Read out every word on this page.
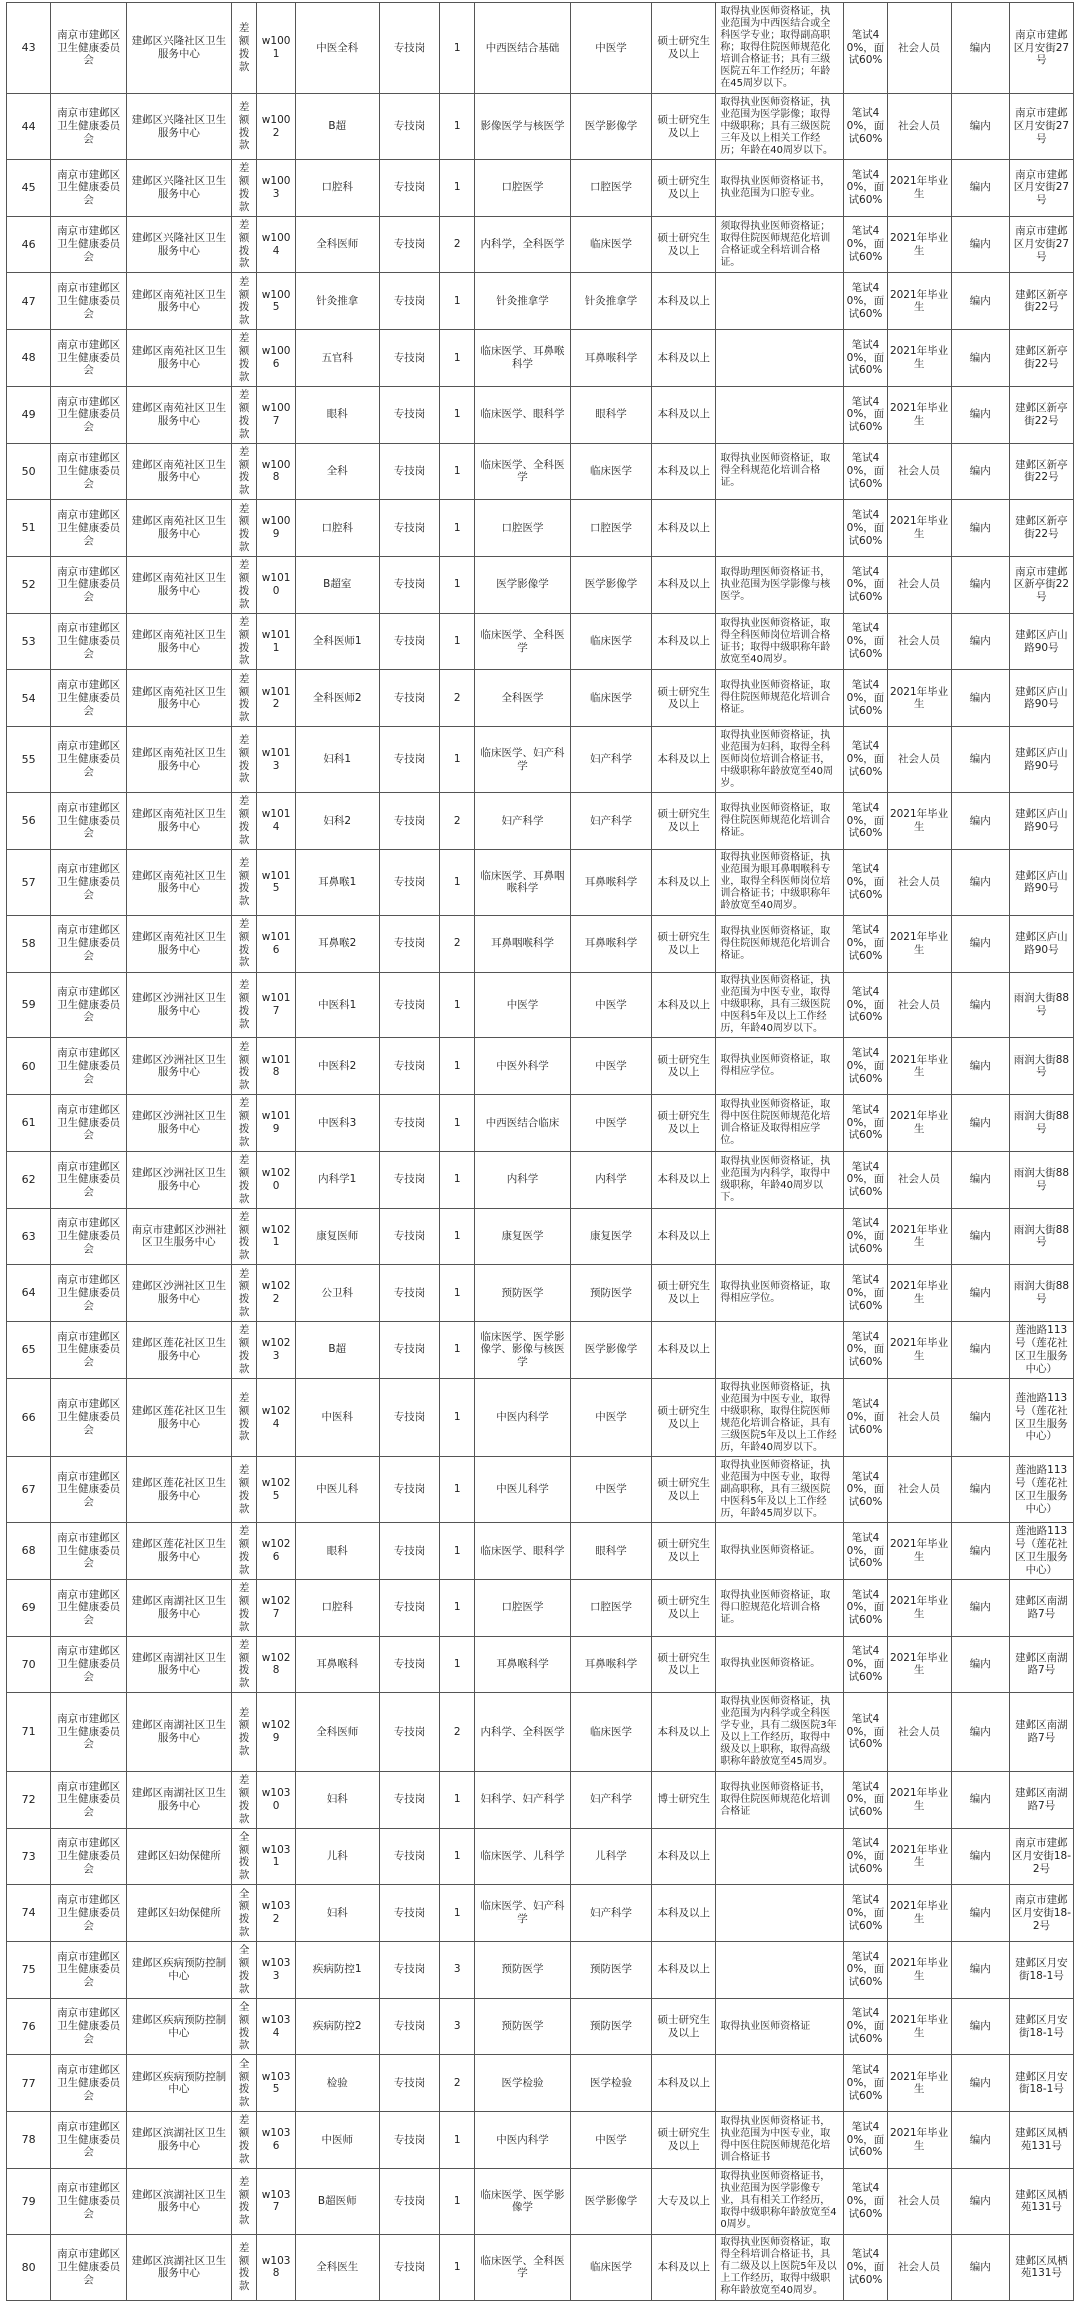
43	南京市建邺区卫生健康委员会	建邺区兴隆社区卫生服务中心	差额拨款	w1001	中医全科	专技岗	1	中西医结合基础	中医学	硕士研究生及以上	取得执业医师资格证，执业范围为中西医结合或全科医学专业；取得副高职称；取得住院医师规范化培训合格证书；具有三级医院五年工作经历；年龄在45周岁以下。	笔试40%，面试60%	社会人员	编内	南京市建邺区月安街27号
44	南京市建邺区卫生健康委员会	建邺区兴隆社区卫生服务中心	差额拨款	w1002	B超	专技岗	1	影像医学与核医学	医学影像学	硕士研究生及以上	取得执业医师资格证，执业范围为医学影像；取得中级职称；具有三级医院三年及以上相关工作经历；年龄在40周岁以下。	笔试40%，面试60%	社会人员	编内	南京市建邺区月安街27号
45	南京市建邺区卫生健康委员会	建邺区兴隆社区卫生服务中心	差额拨款	w1003	口腔科	专技岗	1	口腔医学	口腔医学	硕士研究生及以上	取得执业医师资格证书，执业范围为口腔专业。	笔试40%，面试60%	2021年毕业生	编内	南京市建邺区月安街27号
46	南京市建邺区卫生健康委员会	建邺区兴隆社区卫生服务中心	差额拨款	w1004	全科医师	专技岗	2	内科学，全科医学	临床医学	硕士研究生及以上	须取得执业医师资格证；取得住院医师规范化培训合格证或全科培训合格证。	笔试40%，面试60%	2021年毕业生	编内	南京市建邺区月安街27号
47	南京市建邺区卫生健康委员会	建邺区南苑社区卫生服务中心	差额拨款	w1005	针灸推拿	专技岗	1	针灸推拿学	针灸推拿学	本科及以上		笔试40%，面试60%	2021年毕业生	编内	建邺区新亭街22号
48	南京市建邺区卫生健康委员会	建邺区南苑社区卫生服务中心	差额拨款	w1006	五官科	专技岗	1	临床医学、耳鼻喉科学	耳鼻喉科学	本科及以上		笔试40%，面试60%	2021年毕业生	编内	建邺区新亭街22号
49	南京市建邺区卫生健康委员会	建邺区南苑社区卫生服务中心	差额拨款	w1007	眼科	专技岗	1	临床医学、眼科学	眼科学	本科及以上		笔试40%，面试60%	2021年毕业生	编内	建邺区新亭街22号
50	南京市建邺区卫生健康委员会	建邺区南苑社区卫生服务中心	差额拨款	w1008	全科	专技岗	1	临床医学、全科医学	临床医学	本科及以上	取得执业医师资格证，取得全科规范化培训合格证。	笔试40%，面试60%	社会人员	编内	建邺区新亭街22号
51	南京市建邺区卫生健康委员会	建邺区南苑社区卫生服务中心	差额拨款	w1009	口腔科	专技岗	1	口腔医学	口腔医学	本科及以上		笔试40%，面试60%	2021年毕业生	编内	建邺区新亭街22号
52	南京市建邺区卫生健康委员会	建邺区南苑社区卫生服务中心	差额拨款	w1010	B超室	专技岗	1	医学影像学	医学影像学	本科及以上	取得助理医师资格证书，执业范围为医学影像与核医学。	笔试40%，面试60%	社会人员	编内	南京市建邺区新亭街22号
53	南京市建邺区卫生健康委员会	建邺区南苑社区卫生服务中心	差额拨款	w1011	全科医师1	专技岗	1	临床医学、全科医学	临床医学	本科及以上	取得执业医师资格证，取得全科医师岗位培训合格证书；取得中级职称年龄放宽至40周岁。	笔试40%，面试60%	社会人员	编内	建邺区庐山路90号
54	南京市建邺区卫生健康委员会	建邺区南苑社区卫生服务中心	差额拨款	w1012	全科医师2	专技岗	2	全科医学	临床医学	硕士研究生及以上	取得执业医师资格证，取得住院医师规范化培训合格证。	笔试40%，面试60%	2021年毕业生	编内	建邺区庐山路90号
55	南京市建邺区卫生健康委员会	建邺区南苑社区卫生服务中心	差额拨款	w1013	妇科1	专技岗	1	临床医学、妇产科学	妇产科学	本科及以上	取得执业医师资格证，执业范围为妇科，取得全科医师岗位培训合格证书，中级职称年龄放宽至40周岁。	笔试40%，面试60%	社会人员	编内	建邺区庐山路90号
56	南京市建邺区卫生健康委员会	建邺区南苑社区卫生服务中心	差额拨款	w1014	妇科2	专技岗	2	妇产科学	妇产科学	硕士研究生及以上	取得执业医师资格证，取得住院医师规范化培训合格证。	笔试40%，面试60%	2021年毕业生	编内	建邺区庐山路90号
57	南京市建邺区卫生健康委员会	建邺区南苑社区卫生服务中心	差额拨款	w1015	耳鼻喉1	专技岗	1	临床医学、耳鼻咽喉科学	耳鼻喉科学	本科及以上	取得执业医师资格证，执业范围为眼耳鼻咽喉科专业，取得全科医师岗位培训合格证书；中级职称年龄放宽至40周岁。	笔试40%，面试60%	社会人员	编内	建邺区庐山路90号
58	南京市建邺区卫生健康委员会	建邺区南苑社区卫生服务中心	差额拨款	w1016	耳鼻喉2	专技岗	2	耳鼻咽喉科学	耳鼻喉科学	硕士研究生及以上	取得执业医师资格证，取得住院医师规范化培训合格证。	笔试40%，面试60%	2021年毕业生	编内	建邺区庐山路90号
59	南京市建邺区卫生健康委员会	建邺区沙洲社区卫生服务中心	差额拨款	w1017	中医科1	专技岗	1	中医学	中医学	本科及以上	取得执业医师资格证，执业范围为中医专业，取得中级职称，具有三级医院中医科5年及以上工作经历，年龄40周岁以下。	笔试40%，面试60%	社会人员	编内	雨润大街88号
60	南京市建邺区卫生健康委员会	建邺区沙洲社区卫生服务中心	差额拨款	w1018	中医科2	专技岗	1	中医外科学	中医学	硕士研究生及以上	取得执业医师资格证，取得相应学位。	笔试40%，面试60%	2021年毕业生	编内	雨润大街88号
61	南京市建邺区卫生健康委员会	建邺区沙洲社区卫生服务中心	差额拨款	w1019	中医科3	专技岗	1	中西医结合临床	中医学	硕士研究生及以上	取得执业医师资格证，取得中医住院医师规范化培训合格证及取得相应学位。	笔试40%，面试60%	2021年毕业生	编内	雨润大街88号
62	南京市建邺区卫生健康委员会	建邺区沙洲社区卫生服务中心	差额拨款	w1020	内科学1	专技岗	1	内科学	内科学	本科及以上	取得执业医师资格证，执业范围为内科学，取得中级职称，年龄40周岁以下。	笔试40%，面试60%	社会人员	编内	雨润大街88号
63	南京市建邺区卫生健康委员会	南京市建邺区沙洲社区卫生服务中心	差额拨款	w1021	康复医师	专技岗	1	康复医学	康复医学	本科及以上		笔试40%，面试60%	2021年毕业生	编内	雨润大街88号
64	南京市建邺区卫生健康委员会	建邺区沙洲社区卫生服务中心	差额拨款	w1022	公卫科	专技岗	1	预防医学	预防医学	硕士研究生及以上	取得执业医师资格证，取得相应学位。	笔试40%，面试60%	2021年毕业生	编内	雨润大街88号
65	南京市建邺区卫生健康委员会	建邺区莲花社区卫生服务中心	差额拨款	w1023	B超	专技岗	1	临床医学、医学影像学、影像与核医学	医学影像学	本科及以上		笔试40%，面试60%	2021年毕业生	编内	莲池路113号（莲花社区卫生服务中心）
66	南京市建邺区卫生健康委员会	建邺区莲花社区卫生服务中心	差额拨款	w1024	中医科	专技岗	1	中医内科学	中医学	硕士研究生及以上	取得执业医师资格证，执业范围为中医专业，取得中级职称，取得住院医师规范化培训合格证，具有三级医院5年及以上工作经历，年龄40周岁以下。	笔试40%，面试60%	社会人员	编内	莲池路113号（莲花社区卫生服务中心）
67	南京市建邺区卫生健康委员会	建邺区莲花社区卫生服务中心	差额拨款	w1025	中医儿科	专技岗	1	中医儿科学	中医学	硕士研究生及以上	取得执业医师资格证，执业范围为中医专业，取得副高职称，具有三级医院中医科5年及以上工作经历，年龄45周岁以下。	笔试40%，面试60%	社会人员	编内	莲池路113号（莲花社区卫生服务中心）
68	南京市建邺区卫生健康委员会	建邺区莲花社区卫生服务中心	差额拨款	w1026	眼科	专技岗	1	临床医学、眼科学	眼科学	硕士研究生及以上	取得执业医师资格证。	笔试40%，面试60%	2021年毕业生	编内	莲池路113号（莲花社区卫生服务中心）
69	南京市建邺区卫生健康委员会	建邺区南湖社区卫生服务中心	差额拨款	w1027	口腔科	专技岗	1	口腔医学	口腔医学	硕士研究生及以上	取得执业医师资格证，取得口腔规范化培训合格证。	笔试40%，面试60%	2021年毕业生	编内	建邺区南湖路7号
70	南京市建邺区卫生健康委员会	建邺区南湖社区卫生服务中心	差额拨款	w1028	耳鼻喉科	专技岗	1	耳鼻喉科学	耳鼻喉科学	硕士研究生及以上	取得执业医师资格证。	笔试40%，面试60%	2021年毕业生	编内	建邺区南湖路7号
71	南京市建邺区卫生健康委员会	建邺区南湖社区卫生服务中心	差额拨款	w1029	全科医师	专技岗	2	内科学、全科医学	临床医学	本科及以上	取得执业医师资格证，执业范围为内科学或全科医学专业，具有二级医院3年及以上工作经历，取得中级及以上职称，取得高级职称年龄放宽至45周岁。	笔试40%，面试60%	社会人员	编内	建邺区南湖路7号
72	南京市建邺区卫生健康委员会	建邺区南湖社区卫生服务中心	差额拨款	w1030	妇科	专技岗	1	妇科学、妇产科学	妇产科学	博士研究生	取得执业医师资格证书，取得住院医师规范化培训合格证	笔试40%，面试60%	2021年毕业生	编内	建邺区南湖路7号
73	南京市建邺区卫生健康委员会	建邺区妇幼保健所	全额拨款	w1031	儿科	专技岗	1	临床医学、儿科学	儿科学	本科及以上		笔试40%，面试60%	2021年毕业生	编内	南京市建邺区月安街18-2号
74	南京市建邺区卫生健康委员会	建邺区妇幼保健所	全额拨款	w1032	妇科	专技岗	1	临床医学、妇产科学	妇产科学	本科及以上		笔试40%，面试60%	2021年毕业生	编内	南京市建邺区月安街18-2号
75	南京市建邺区卫生健康委员会	建邺区疾病预防控制中心	全额拨款	w1033	疾病防控1	专技岗	3	预防医学	预防医学	本科及以上		笔试40%，面试60%	2021年毕业生	编内	建邺区月安街18-1号
76	南京市建邺区卫生健康委员会	建邺区疾病预防控制中心	全额拨款	w1034	疾病防控2	专技岗	3	预防医学	预防医学	硕士研究生及以上	取得执业医师资格证	笔试40%，面试60%	2021年毕业生	编内	建邺区月安街18-1号
77	南京市建邺区卫生健康委员会	建邺区疾病预防控制中心	全额拨款	w1035	检验	专技岗	2	医学检验	医学检验	本科及以上		笔试40%，面试60%	2021年毕业生	编内	建邺区月安街18-1号
78	南京市建邺区卫生健康委员会	建邺区滨湖社区卫生服务中心	差额拨款	w1036	中医师	专技岗	1	中医内科学	中医学	硕士研究生及以上	取得执业医师资格证书，执业范围为中医专业，取得中医住院医师规范化培训合格证书	笔试40%，面试60%	2021年毕业生	编内	建邺区凤栖苑131号
79	南京市建邺区卫生健康委员会	建邺区滨湖社区卫生服务中心	差额拨款	w1037	B超医师	专技岗	1	临床医学、医学影像学	医学影像学	大专及以上	取得执业医师资格证书，执业范围为医学影像专业，具有相关工作经历，取得中级职称年龄放宽至40周岁。	笔试40%，面试60%	社会人员	编内	建邺区凤栖苑131号
80	南京市建邺区卫生健康委员会	建邺区滨湖社区卫生服务中心	差额拨款	w1038	全科医生	专技岗	1	临床医学、全科医学	临床医学	本科及以上	取得执业医师资格证，取得全科培训合格证书，具有二级及以上医院5年及以上工作经历，取得中级职称年龄放宽至40周岁。	笔试40%，面试60%	社会人员	编内	建邺区凤栖苑131号
